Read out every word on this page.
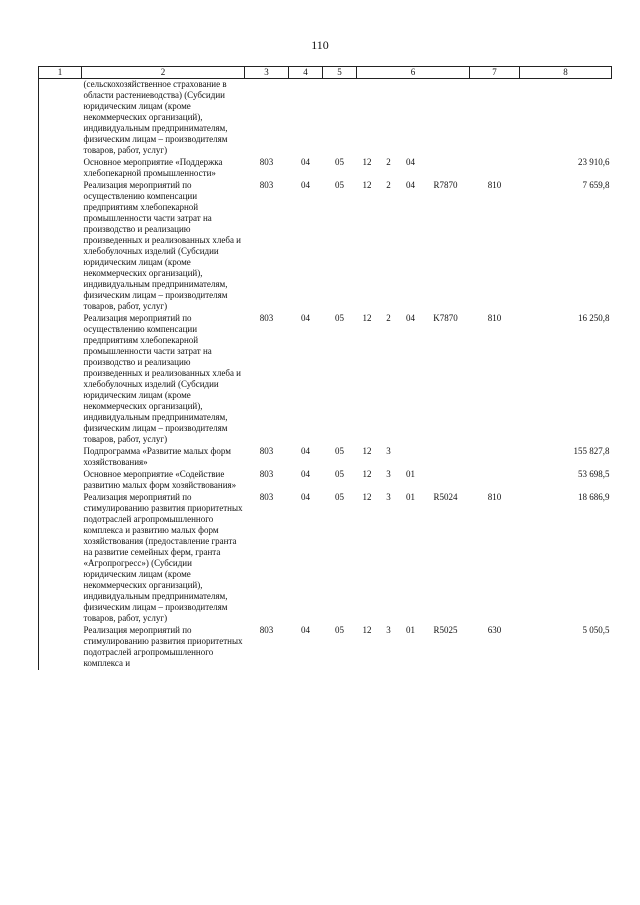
110
1	2	3	4	5	6				7	8
	(сельскохозяйственное страхование в области растениеводства) (Субсидии юридическим лицам (кроме некоммерческих организаций), индивидуальным предпринимателям, физическим лицам – производителям товаров, работ, услуг)									
	Основное мероприятие «Поддержка хлебопекарной промышленности»	803	04	05	12	2	04			23 910,6
	Реализация мероприятий по осуществлению компенсации предприятиям хлебопекарной промышленности части затрат на производство и реализацию произведенных и реализованных хлеба и хлебобулочных изделий (Субсидии юридическим лицам (кроме некоммерческих организаций), индивидуальным предпринимателям, физическим лицам – производителям товаров, работ, услуг)	803	04	05	12	2	04	R7870	810	7 659,8
	Реализация мероприятий по осуществлению компенсации предприятиям хлебопекарной промышленности части затрат на производство и реализацию произведенных и реализованных хлеба и хлебобулочных изделий (Субсидии юридическим лицам (кроме некоммерческих организаций), индивидуальным предпринимателям, физическим лицам – производителям товаров, работ, услуг)	803	04	05	12	2	04	K7870	810	16 250,8
	Подпрограмма «Развитие малых форм хозяйствования»	803	04	05	12	3				155 827,8
	Основное мероприятие «Содействие развитию малых форм хозяйствования»	803	04	05	12	3	01			53 698,5
	Реализация мероприятий по стимулированию развития приоритетных подотраслей агропромышленного комплекса и развитию малых форм хозяйствования (предоставление гранта на развитие семейных ферм, гранта «Агропрогресс») (Субсидии юридическим лицам (кроме некоммерческих организаций), индивидуальным предпринимателям, физическим лицам – производителям товаров, работ, услуг)	803	04	05	12	3	01	R5024	810	18 686,9
	Реализация мероприятий по стимулированию развития приоритетных подотраслей агропромышленного комплекса и	803	04	05	12	3	01	R5025	630	5 050,5
